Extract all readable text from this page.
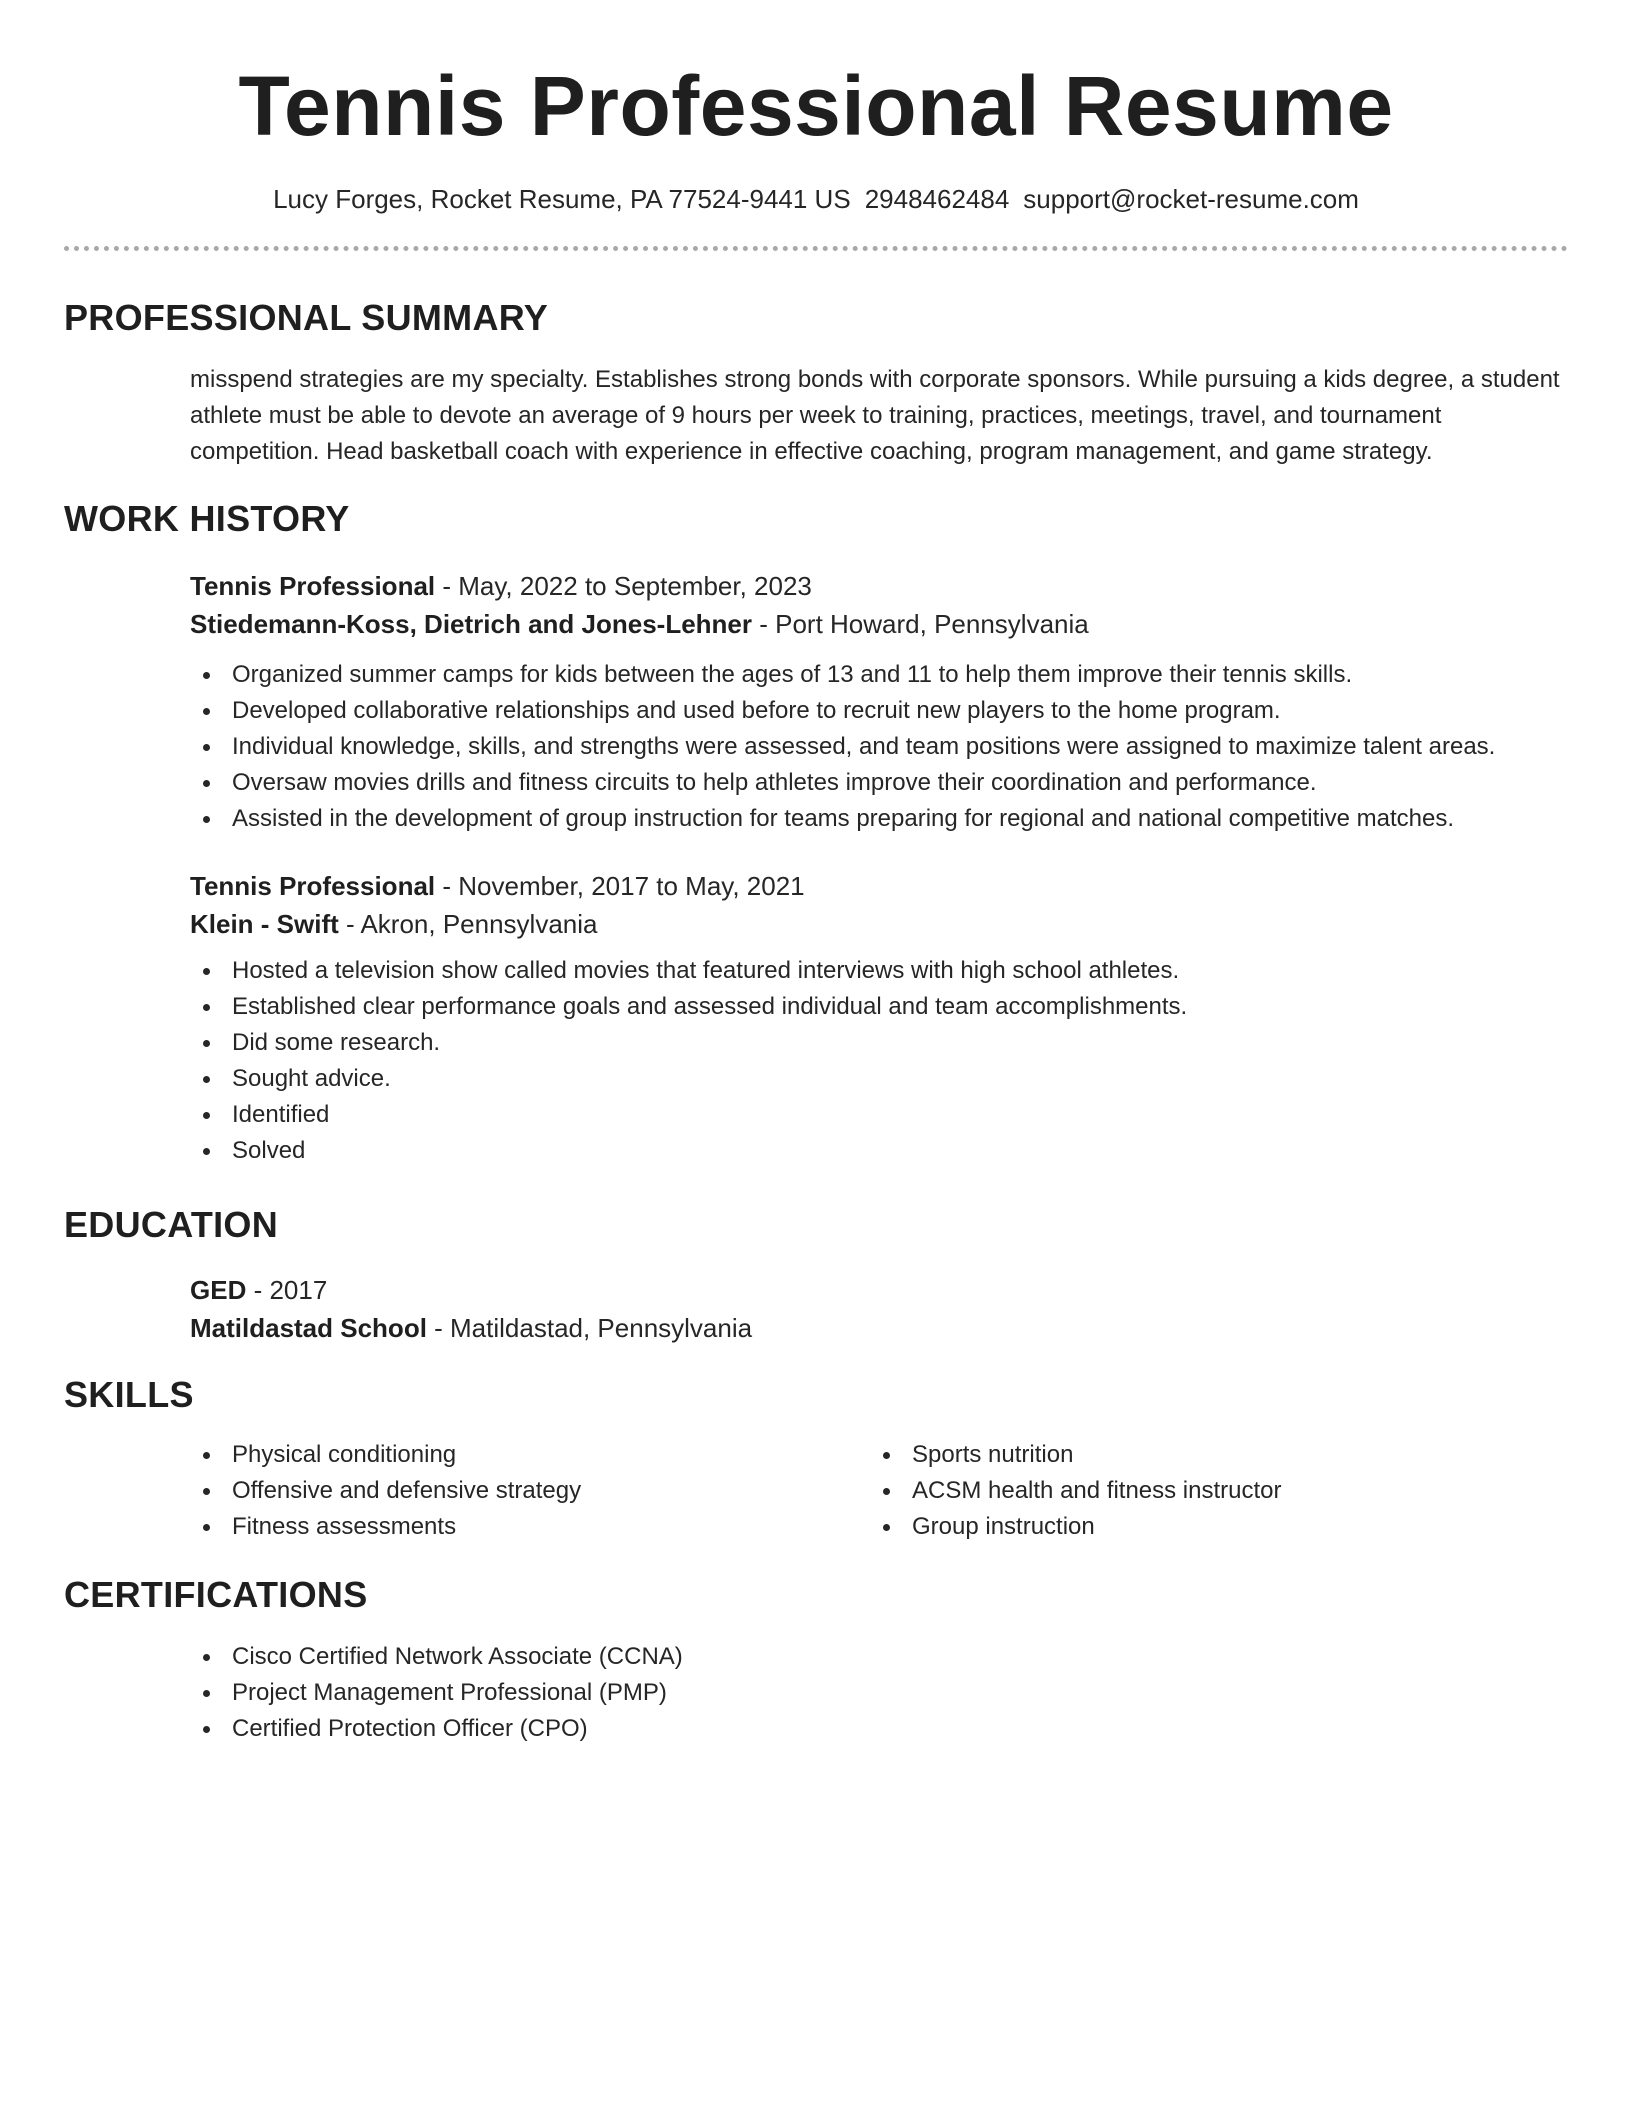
Tennis Professional Resume
Lucy Forges, Rocket Resume, PA 77524-9441 US 2948462484 support@rocket-resume.com
PROFESSIONAL SUMMARY
misspend strategies are my specialty. Establishes strong bonds with corporate sponsors. While pursuing a kids degree, a student athlete must be able to devote an average of 9 hours per week to training, practices, meetings, travel, and tournament competition. Head basketball coach with experience in effective coaching, program management, and game strategy.
WORK HISTORY
Tennis Professional - May, 2022 to September, 2023
Stiedemann-Koss, Dietrich and Jones-Lehner - Port Howard, Pennsylvania
Organized summer camps for kids between the ages of 13 and 11 to help them improve their tennis skills.
Developed collaborative relationships and used before to recruit new players to the home program.
Individual knowledge, skills, and strengths were assessed, and team positions were assigned to maximize talent areas.
Oversaw movies drills and fitness circuits to help athletes improve their coordination and performance.
Assisted in the development of group instruction for teams preparing for regional and national competitive matches.
Tennis Professional - November, 2017 to May, 2021
Klein - Swift - Akron, Pennsylvania
Hosted a television show called movies that featured interviews with high school athletes.
Established clear performance goals and assessed individual and team accomplishments.
Did some research.
Sought advice.
Identified
Solved
EDUCATION
GED - 2017
Matildastad School - Matildastad, Pennsylvania
SKILLS
Physical conditioning
Offensive and defensive strategy
Fitness assessments
Sports nutrition
ACSM health and fitness instructor
Group instruction
CERTIFICATIONS
Cisco Certified Network Associate (CCNA)
Project Management Professional (PMP)
Certified Protection Officer (CPO)
